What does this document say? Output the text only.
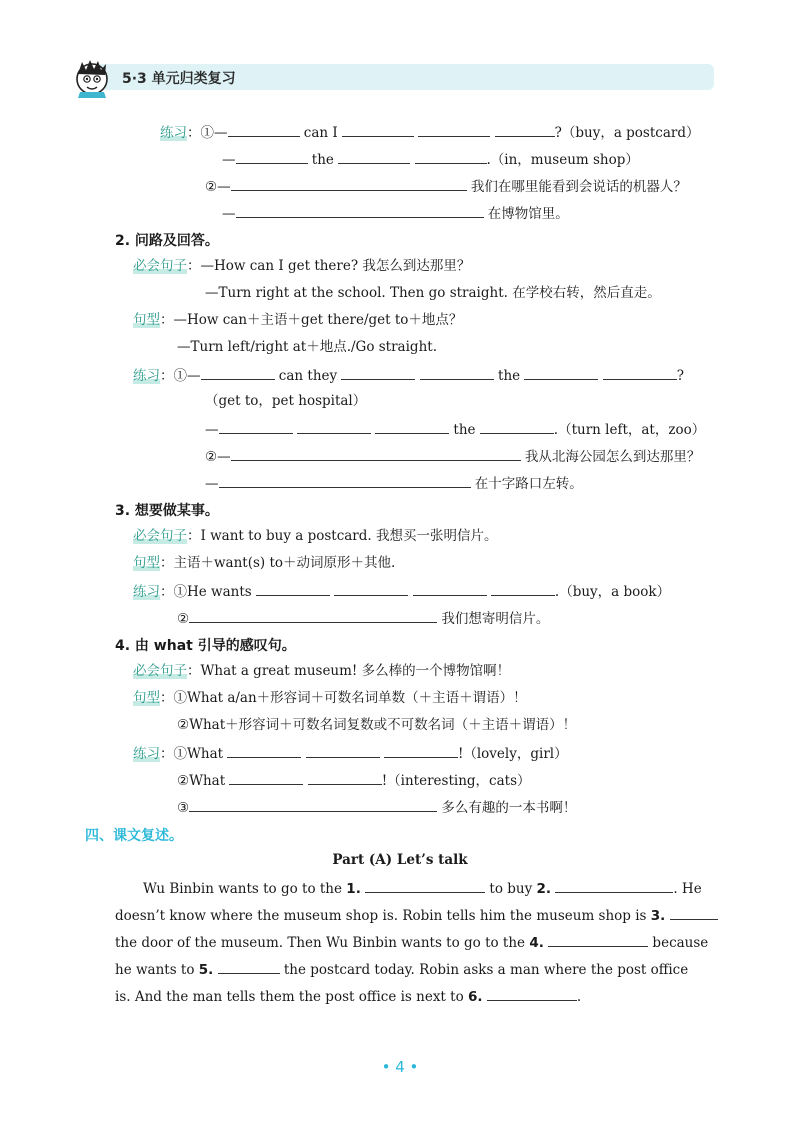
5·3 单元归类复习
练习：①—	can I	?（buy，a postcard）
—	the	.（in，museum shop）
②—	我们在哪里能看到会说话的机器人？
—	在博物馆里。
2. 问路及回答。
必会句子：—How can I get there? 我怎么到达那里？
—Turn right at the school. Then go straight. 在学校右转，然后直走。
句型：—How can＋主语＋get there/get to＋地点？
—Turn left/right at＋地点./Go straight.
练习：①—	can they	the	?
（get to，pet hospital）
—	the	.（turn left，at，zoo）
②—	我从北海公园怎么到达那里？
—	在十字路口左转。
3. 想要做某事。
必会句子：I want to buy a postcard. 我想买一张明信片。
句型：主语＋want(s) to＋动词原形＋其他.
练习：①He wants	.（buy，a book）
②	我们想寄明信片。
4. 由 what 引导的感叹句。
必会句子：What a great museum! 多么棒的一个博物馆啊！
句型：①What a/an＋形容词＋可数名词单数（＋主语＋谓语）！
②What＋形容词＋可数名词复数或不可数名词（＋主语＋谓语）！
练习：①What	!（lovely，girl）
②What	!（interesting，cats）
③	多么有趣的一本书啊！
四、课文复述。
Part (A) Let’s talk
Wu Binbin wants to go to the 1.	to buy 2.	. He
doesn’t know where the museum shop is. Robin tells him the museum shop is 3.
the door of the museum. Then Wu Binbin wants to go to the 4.	because
he wants to 5.	the postcard today. Robin asks a man where the post office
is. And the man tells them the post office is next to 6.	.
• 4 •
